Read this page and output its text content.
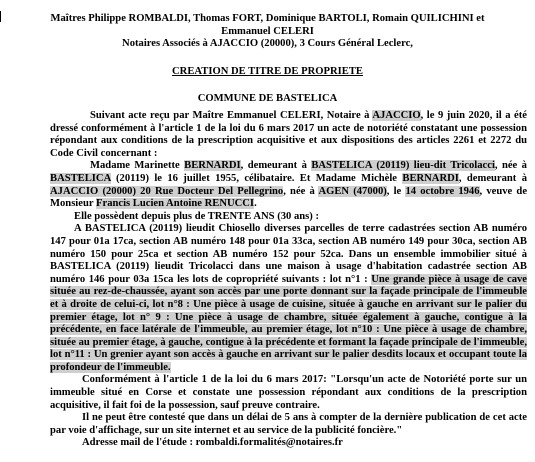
Maîtres Philippe ROMBALDI, Thomas FORT, Dominique BARTOLI, Romain QUILICHINI et
Emmanuel CELERI
Notaires Associés à AJACCIO (20000), 3 Cours Général Leclerc,
CREATION DE TITRE DE PROPRIETE
COMMUNE DE BASTELICA

Suivant acte reçu par Maître Emmanuel CELERI, Notaire à AJACCIO, le 9 juin 2020, il a été dressé conformément à l'article 1 de la loi du 6 mars 2017 un acte de notoriété constatant une possession répondant aux conditions de la prescription acquisitive et aux dispositions des articles 2261 et 2272 du Code Civil concernant :

Madame Marinette BERNARDI, demeurant à BASTELICA (20119) lieu-dit Tricolacci, née à BASTELICA (20119) le 16 juillet 1955, célibataire. Et Madame Michèle BERNARDI, demeurant à AJACCIO (20000) 20 Rue Docteur Del Pellegrino, née à AGEN (47000), le 14 octobre 1946, veuve de Monsieur Francis Lucien Antoine RENUCCI.

Elle possèdent depuis plus de TRENTE ANS (30 ans) :

A BASTELICA (20119) lieudit Chiosello diverses parcelles de terre cadastrées section AB numéro 147 pour 01a 17ca, section AB numéro 148 pour 01a 33ca, section AB numéro 149 pour 30ca, section AB numéro 150 pour 25ca et section AB numéro 152 pour 52ca. Dans un ensemble immobilier situé à BASTELICA (20119) lieudit Tricolacci dans une maison à usage d'habitation cadastrée section AB numéro 146 pour 03a 15ca les lots de copropriété suivants : lot n°1 : Une grande pièce à usage de cave située au rez-de-chaussée, ayant son accès par une porte donnant sur la façade principale de l'immeuble et à droite de celui-ci, lot n°8 : Une pièce à usage de cuisine, située à gauche en arrivant sur le palier du premier étage, lot n° 9 : Une pièce à usage de chambre, située également à gauche, contigue à la précédente, en face latérale de l'immeuble, au premier étage, lot n°10 : Une pièce à usage de chambre, située au premier étage, à gauche, contigue à la précédente et formant la façade principale de l'immeuble, lot n°11 : Un grenier ayant son accès à gauche en arrivant sur le palier desdits locaux et occupant toute la profondeur de l'immeuble.

Conformément à l'article 1 de la loi du 6 mars 2017: "Lorsqu'un acte de Notoriété porte sur un immeuble situé en Corse et constate une possession répondant aux conditions de la prescription acquisitive, il fait foi de la possession, sauf preuve contraire.

Il ne peut être contesté que dans un délai de 5 ans à compter de la dernière publication de cet acte par voie d'affichage, sur un site internet et au service de la publicité foncière."

Adresse mail de l'étude : rombaldi.formalités@notaires.fr
